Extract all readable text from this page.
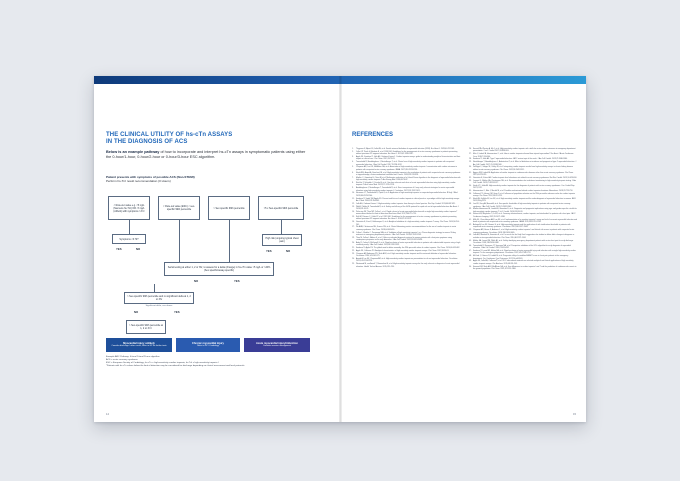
THE CLINICAL UTILITY OF hs-cTn ASSAYS
IN THE DIAGNOSIS OF ACS
Below is an example pathway of how to incorporate and interpret hs-cTn assays in symptomatic patients using either the 0-hour/1-hour, 0-hour/2-hour or 0-hour/3-hour ESC algorithm.
Patient presents with symptoms of possible ACS (Non-STEMI)
Perform hs-TnI result recommendation (0 Hours)
< Rule-out value e.g. <5 ng/L (Siemens hs-TnI) OR <3 ng/L (Abbott) with symptoms >3 hr
< Rule-out value (ESC) < sex-specific 99th percentile	> Sex specific 99th percentile	>5 x Sex-specific 99th percentile
Symptoms <3 Hr?
YES	NO
High risk (ongoing typical chest pain)
YES	NO
Serial testing at either 1, 2 or 3hr, to assess for a delta (change) in hs-cTn value >5 ng/L or >20% (Sex specific/assay-specific)
NO	YES
> Sex-specific 99th percentile and no significant delta at 1, 2 or 3hr
Significant delta, see above
NO	YES
> Sex-specific 99th percentile at 1, 2 or 3 hr
Myocardial injury unlikely
Consider discharge / other cause; Refer to GP for further tests
Chronic myocardial injury
Refer to GP / Cardiology
Acute myocardial injury/infarction
Consider invasive management
Example ARC Pathway: 0-hour/1-hour/2-hour algorithm
ACS = acute coronary syndrome
ESC = European Society of Cardiology; hs-cTn = high-sensitivity cardiac troponin; hs-TnI = high-sensitivity troponin I
*Patients with hs-cTn values below the limit of detection may be considered for discharge depending on clinical assessment and local protocols.
14
REFERENCES
1.	Thygesen K, Alpert JS, Jaffe AS, et al. Fourth universal definition of myocardial infarction (2018). Eur Heart J. 2019;40:237-269.
2.	Collet JP, Thiele H, Barbato E, et al. 2020 ESC Guidelines for the management of acute coronary syndromes in patients presenting without persistent ST-segment elevation. Eur Heart J. 2021;42:1289-1367.
3.	Apple FS, Sandoval Y, Jaffe AS, Ordonez-Llanos J. Cardiac troponin assays: guide to understanding analytical characteristics and their impact on clinical care. Clin Chem. 2017;63:73-81.
4.	Twerenbold R, Boeddinghaus J, Nestelberger T, et al. Clinical use of high-sensitivity cardiac troponin in patients with suspected myocardial infarction. J Am Coll Cardiol. 2017;70:996-1012.
5.	Chapman AR, Lee KK, McAllister DA, et al. Association of high-sensitivity cardiac troponin I concentration with cardiac outcomes in patients with suspected acute coronary syndrome. JAMA. 2017;318:1913-1924.
6.	Shah ASV, Anand A, Strachan FE, et al. High-sensitivity troponin in the evaluation of patients with suspected acute coronary syndrome: a stepped-wedge, cluster-randomised controlled trial. Lancet. 2018;392:919-928.
7.	Mueller C, Giannitsis E, Christ M, et al. Multicenter evaluation of a 0-hour/1-hour algorithm in the diagnosis of myocardial infarction with high-sensitivity cardiac troponin T. Ann Emerg Med. 2016;68:76-87.
8.	Reichlin T, Schindler C, Drexler B, et al. One-hour rule-out and rule-in of acute myocardial infarction using high-sensitivity cardiac troponin T. Arch Intern Med. 2012;172:1211-1218.
9.	Boeddinghaus J, Nestelberger T, Twerenbold R, et al. Direct comparison of 4 very early rule-out strategies for acute myocardial infarction using high-sensitivity cardiac troponin I. Circulation. 2017;135:1597-1611.
10. Neumann JT, Twerenbold R, Ojeda F, et al. Application of high-sensitivity troponin in suspected myocardial infarction. N Engl J Med. 2019;380:2529-2540.
11. Sandoval Y, Smith SW, Apple FS. Present and future of cardiac troponin in clinical practice: a paradigm shift to high-sensitivity assays. Am J Med. 2016;129:354-365.
12. Jaffe AS, Ordonez-Llanos J. High-sensitivity cardiac troponin: from theory to clinical practice. Rev Esp Cardiol. 2013;66:687-691.
13. Wildi K, Nelles B, Twerenbold R, et al. Safety and efficacy of the 0h/3h protocol for rapid rule out of myocardial infarction. Am Heart J. 2016;181:16-25.
14. Pickering JW, Than MP, Cullen L, et al. Rapid rule-out of acute myocardial infarction with a single high-sensitivity cardiac troponin T measurement below the limit of detection. Ann Intern Med. 2017;166:715-724.
15. Roffi M, Patrono C, Collet JP, et al. 2015 ESC Guidelines for the management of acute coronary syndromes in patients presenting without persistent ST-segment elevation. Eur Heart J. 2016;37:267-315.
16. Giannitsis E, Kurz K, Hallermayer K, et al. Analytical validation of a high-sensitivity cardiac troponin T assay. Clin Chem. 2010;56:254-261.
17. Wu AHB, Christenson RH, Greene DN, et al. Clinical laboratory practice recommendations for the use of cardiac troponin in acute coronary syndrome. Clin Chem. 2018;64:645-655.
18. Cullen L, Mueller C, Parsonage WA, et al. Validation of high-sensitivity troponin I in a 2-hour diagnostic strategy to assess 30-day outcomes in emergency department patients. J Am Coll Cardiol. 2013;62:1242-1249.
19. Than M, Cullen L, Aldous S, et al. 2-Hour accelerated diagnostic protocol to assess patients with chest pain symptoms using contemporary troponins as the only biomarker. J Am Coll Cardiol. 2012;59:2091-2098.
20. Body R, Carley S, McDowell G, et al. Rapid exclusion of acute myocardial infarction in patients with undetectable troponin using a high-sensitivity assay. J Am Coll Cardiol. 2011;58:1332-1339.
21. Sandoval Y, Apple FS. The global need to define normality: the 99th percentile value of cardiac troponin. Clin Chem. 2014;60:455-462.
22. Apple FS, Collinson PO. Analytical characteristics of high-sensitivity cardiac troponin assays. Clin Chem. 2012;58:54-61.
23. Chapman AR, Adamson PD, Shah ASV, et al. High-sensitivity cardiac troponin and the universal definition of myocardial infarction. Circulation. 2020;141:161-171.
24. Anand A, Lee KK, Chapman AR, et al. High-sensitivity cardiac troponin on presentation to rule out myocardial infarction. Circulation. 2021;143:2214-2224.
25. Westwood M, van Asselt T, Ramaekers B, et al. High-sensitivity troponin assays for the early rule-out or diagnosis of acute myocardial infarction. Health Technol Assess. 2015;19:1-234.
26. Kavsak PA, Worster A, Ma J, et al. High-sensitivity cardiac troponin risk cutoffs for acute cardiac outcomes at emergency department presentation. Can J Cardiol. 2017;33:898-903.
27. Mair J, Lindahl B, Hammarsten O, et al. How is cardiac troponin released from injured myocardium? Eur Heart J Acute Cardiovasc Care. 2018;7:553-560.
28. Sandoval Y, Jaffe AS. Type 2 myocardial infarction: JACC review topic of the week. J Am Coll Cardiol. 2019;73:1846-1860.
29. Nestelberger T, Boeddinghaus J, Badertscher P, et al. Effect of definition on incidence and prognosis of type 2 myocardial infarction. J Am Coll Cardiol. 2017;70:1558-1568.
30. DeFilippi C, Seliger SL, Kelley W, et al. Interpreting cardiac troponin results from high-sensitivity assays in chronic kidney disease without acute coronary syndrome. Clin Chem. 2012;58:1342-1351.
31. Eggers KM, Lindahl B. Application of cardiac troponin in cardiovascular diseases other than acute coronary syndrome. Clin Chem. 2017;63:223-235.
32. Giannitsis E, Katus HA. Cardiac troponin level elevations not related to acute coronary syndromes. Nat Rev Cardiol. 2013;10:623-634.
33. Januzzi JL, Mahler SA, Christenson RH, et al. Recommendations for institutions transitioning to high-sensitivity troponin testing. J Am Coll Cardiol. 2019;73:1059-1077.
34. Vasile VC, Jaffe AS. High-sensitivity cardiac troponin for the diagnosis of patients with acute coronary syndromes. Curr Cardiol Rep. 2017;19:92.
35. Hammarsten O, Mair J, Mockel M, et al. Possible mechanisms behind cardiac troponin elevations. Biomarkers. 2018;23:725-734.
36. Collinson PO, Heung YM, Gaze D, et al. Influence of population selection on the 99th percentile reference value for cardiac troponin assays. Clin Chem. 2012;58:219-225.
37. Shah AS, Griffiths M, Lee KK, et al. High sensitivity cardiac troponin and the under-diagnosis of myocardial infarction in women. BMJ. 2015;350:g7873.
38. Lee KK, Ferry AV, Anand A, et al. Sex-specific thresholds of high-sensitivity troponin in patients with suspected acute coronary syndrome. J Am Coll Cardiol. 2019;74:2032-2043.
39. Mueller-Hennessen M, Lindahl B, Giannitsis E, et al. Diagnostic and prognostic implications using age- and gender-specific cut-offs for high-sensitivity cardiac troponin T. Int J Cardiol. 2016;209:26-33.
40. Ferencik M, Mayrhofer T, Lu MT, et al. Coronary atherosclerosis, cardiac troponin, and interleukin-6 in patients with chest pain. JACC Cardiovasc Imaging. 2022;15:1427-1438.
41. Mills NL, Churchhouse AM, Lee KK, et al. Implementation of a sensitive troponin I assay and risk of recurrent myocardial infarction and death in patients with suspected acute coronary syndrome. JAMA. 2011;305:1210-1216.
42. Bularga A, Lee KK, Stewart S, et al. High-sensitivity troponin and the application of risk stratification thresholds in patients with suspected acute coronary syndrome. Circulation. 2019;140:1557-1568.
43. Chapman AR, Hesse K, Andrews J, et al. High-sensitivity cardiac troponin I and clinical risk scores in patients with suspected acute coronary syndrome. Circulation. 2018;138:1654-1665.
44. Jaffe AS, Moeckel M, Giannitsis E, et al. In search for the Holy Grail: suggestions for studies to define delta changes to diagnose or exclude acute myocardial infarction. Clin Chem. 2014;60:1237-1244.
45. Mahler SA, Lenoir KM, Wells BJ, et al. Safely identifying emergency department patients with acute chest pain for early discharge. Circulation. 2018;138:2456-2468.
46. Twerenbold R, Neumann JT, Sorensen NA, et al. Prospective validation of the 0/1-h algorithm for early diagnosis of myocardial infarction. J Am Coll Cardiol. 2018;72:620-632.
47. Sandoval Y, Lewis BR, Mehta RA, et al. Rapid exclusion of acute myocardial injury and infarction with a single high-sensitivity cardiac troponin T in the emergency department. Circulation. 2022;145:1708-1719.
48. McCord J, Cabrera R, Lindahl B, et al. Prognostic utility of a modified HEART score in chest pain patients in the emergency department. Circ Cardiovasc Qual Outcomes. 2017;10:e003101.
49. Apple FS, Jaffe AS, Collinson P, et al. IFCC educational materials on selected analytical and clinical applications of high sensitivity cardiac troponin assays. Clin Biochem. 2015;48:201-203.
50. Kimenai DM, Shah ASV, McAllister DA, et al. Sex differences in cardiac troponin I and T and the prediction of cardiovascular events in the general population. Clin Chem. 2021;67:1351-1360.
15
